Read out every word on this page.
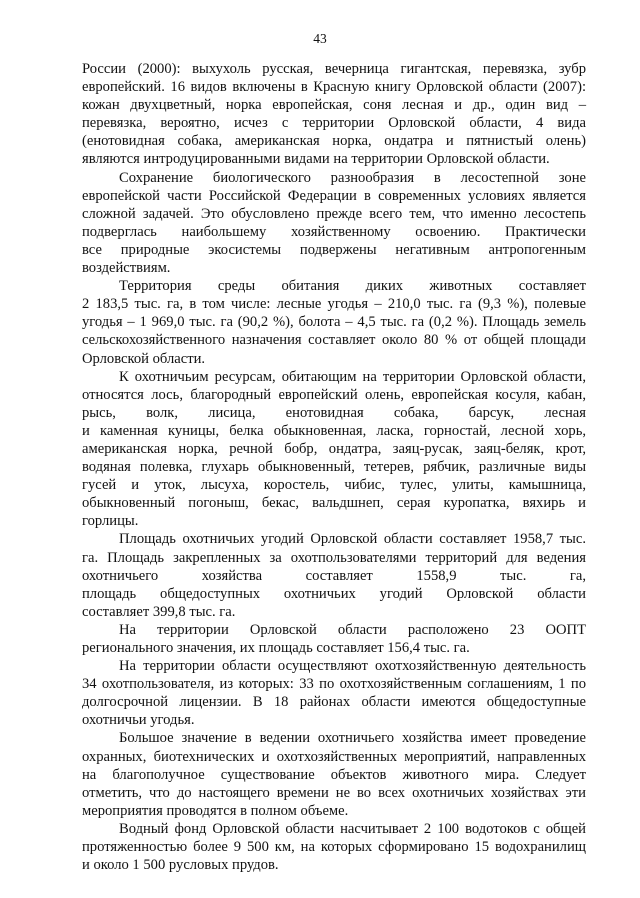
43
России (2000): выхухоль русская, вечерница гигантская, перевязка, зубр
европейский. 16 видов включены в Красную книгу Орловской области (2007):
кожан двухцветный, норка европейская, соня лесная и др., один вид –
перевязка, вероятно, исчез с территории Орловской области, 4 вида
(енотовидная собака, американская норка, ондатра и пятнистый олень)
являются интродуцированными видами на территории Орловской области.
Сохранение биологического разнообразия в лесостепной зоне
европейской части Российской Федерации в современных условиях является
сложной задачей. Это обусловлено прежде всего тем, что именно лесостепь
подверглась наибольшему хозяйственному освоению. Практически
все природные экосистемы подвержены негативным антропогенным
воздействиям.
Территория среды обитания диких животных составляет
2 183,5 тыс. га, в том числе: лесные угодья – 210,0 тыс. га (9,3 %), полевые
угодья – 1 969,0 тыс. га (90,2 %), болота – 4,5 тыс. га (0,2 %). Площадь земель
сельскохозяйственного назначения составляет около 80 % от общей площади
Орловской области.
К охотничьим ресурсам, обитающим на территории Орловской области,
относятся лось, благородный европейский олень, европейская косуля, кабан,
рысь, волк, лисица, енотовидная собака, барсук, лесная
и каменная куницы, белка обыкновенная, ласка, горностай, лесной хорь,
американская норка, речной бобр, ондатра, заяц-русак, заяц-беляк, крот,
водяная полевка, глухарь обыкновенный, тетерев, рябчик, различные виды
гусей и уток, лысуха, коростель, чибис, тулес, улиты, камышница,
обыкновенный погоныш, бекас, вальдшнеп, серая куропатка, вяхирь и
горлицы.
Площадь охотничьих угодий Орловской области составляет 1958,7 тыс.
га. Площадь закрепленных за охотпользователями территорий для ведения
охотничьего хозяйства составляет 1558,9 тыс. га,
площадь общедоступных охотничьих угодий Орловской области
составляет 399,8 тыс. га.
На территории Орловской области расположено 23 ООПТ
регионального значения, их площадь составляет 156,4 тыс. га.
На территории области осуществляют охотхозяйственную деятельность
34 охотпользователя, из которых: 33 по охотхозяйственным соглашениям, 1 по
долгосрочной лицензии. В 18 районах области имеются общедоступные
охотничьи угодья.
Большое значение в ведении охотничьего хозяйства имеет проведение
охранных, биотехнических и охотхозяйственных мероприятий, направленных
на благополучное существование объектов животного мира. Следует
отметить, что до настоящего времени не во всех охотничьих хозяйствах эти
мероприятия проводятся в полном объеме.
Водный фонд Орловской области насчитывает 2 100 водотоков с общей
протяженностью более 9 500 км, на которых сформировано 15 водохранилищ
и около 1 500 русловых прудов.
